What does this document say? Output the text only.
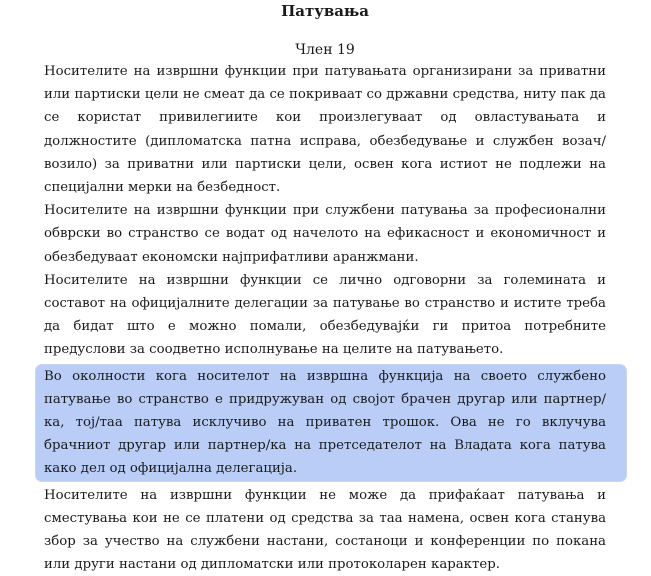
Патувања
Член 19

Носителите на извршни функции при патувањата организирани за приватни или партиски цели не смеат да се покриваат со државни средства, ниту пак да се користат привилегиите кои произлегуваат од овластувањата и должностите (дипломатска патна исправа, обезбедување и службен возач/возило) за приватни или партиски цели, освен кога истиот не подлежи на специјални мерки на безбедност.

Носителите на извршни функции при службени патувања за професионални обврски во странство се водат од начелото на ефикасност и економичност и обезбедуваат економски најприфатливи аранжмани.

Носителите на извршни функции се лично одговорни за големината и составот на официјалните делегации за патување во странство и истите треба да бидат што е можно помали, обезбедувајќи ги притоа потребните предуслови за соодветно исполнување на целите на патувањето.

Во околности кога носителот на извршна функција на своето службено патување во странство е придружуван од својот брачен другар или партнер/ка, тој/таа патува исклучиво на приватен трошок. Ова не го вклучува брачниот другар или партнер/ка на претседателот на Владата кога патува како дел од официјална делегација.

Носителите на извршни функции не може да прифаќаат патувања и сместувања кои не се платени од средства за таа намена, освен кога станува збор за учество на службени настани, состаноци и конференции по покана или други настани од дипломатски или протоколарен карактер.
